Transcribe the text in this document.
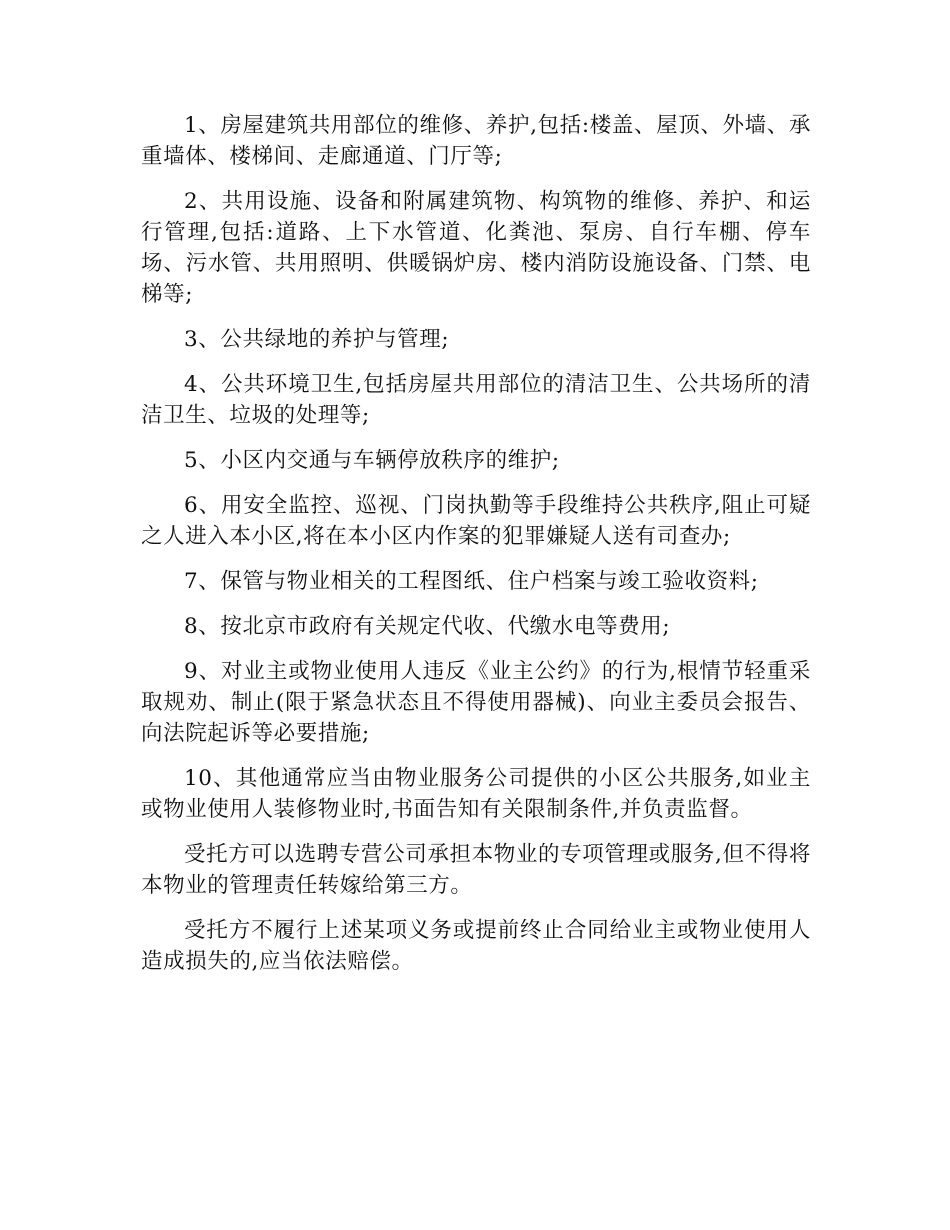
1、房屋建筑共用部位的维修、养护,包括:楼盖、屋顶、外墙、承重墙体、楼梯间、走廊通道、门厅等;

2、共用设施、设备和附属建筑物、构筑物的维修、养护、和运行管理,包括:道路、上下水管道、化粪池、泵房、自行车棚、停车场、污水管、共用照明、供暖锅炉房、楼内消防设施设备、门禁、电梯等;

3、公共绿地的养护与管理;

4、公共环境卫生,包括房屋共用部位的清洁卫生、公共场所的清洁卫生、垃圾的处理等;

5、小区内交通与车辆停放秩序的维护;

6、用安全监控、巡视、门岗执勤等手段维持公共秩序,阻止可疑之人进入本小区,将在本小区内作案的犯罪嫌疑人送有司查办;

7、保管与物业相关的工程图纸、住户档案与竣工验收资料;

8、按北京市政府有关规定代收、代缴水电等费用;

9、对业主或物业使用人违反《业主公约》的行为,根情节轻重采取规劝、制止(限于紧急状态且不得使用器械)、向业主委员会报告、向法院起诉等必要措施;

10、其他通常应当由物业服务公司提供的小区公共服务,如业主或物业使用人装修物业时,书面告知有关限制条件,并负责监督。

受托方可以选聘专营公司承担本物业的专项管理或服务,但不得将本物业的管理责任转嫁给第三方。

受托方不履行上述某项义务或提前终止合同给业主或物业使用人造成损失的,应当依法赔偿。
